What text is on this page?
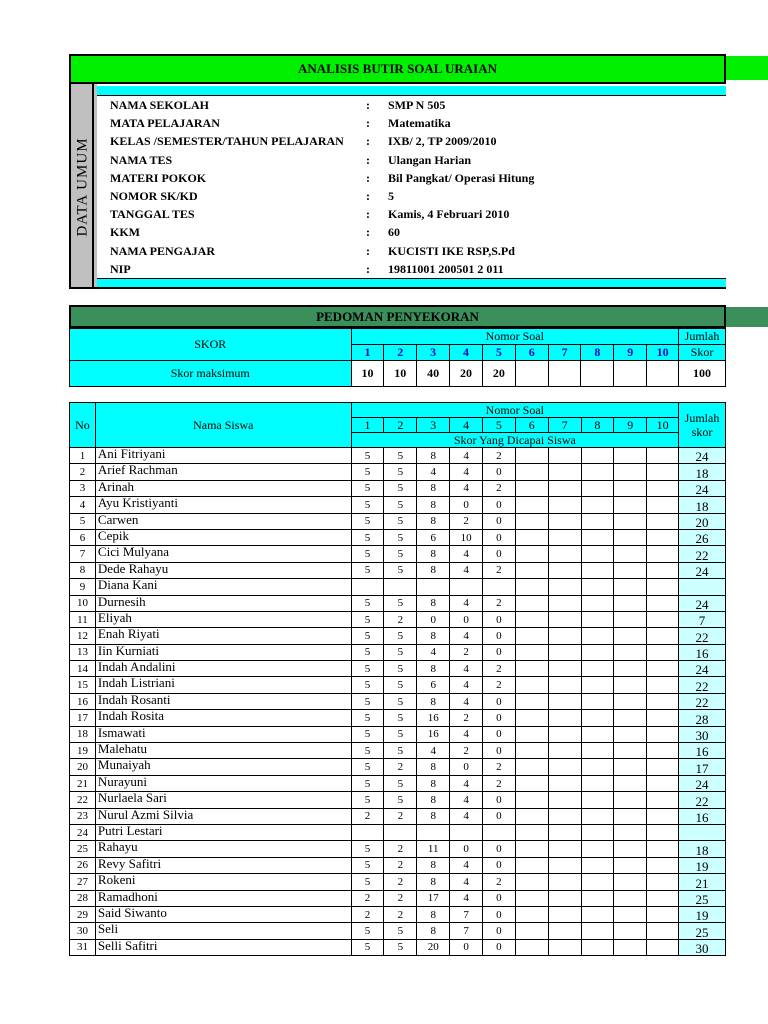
ANALISIS BUTIR SOAL URAIAN
DATA UMUM
NAMA SEKOLAH	: SMP N 505
MATA PELAJARAN	: Matematika
KELAS /SEMESTER/TAHUN PELAJARAN	: IXB/ 2, TP 2009/2010
NAMA TES	: Ulangan Harian
MATERI POKOK	: Bil Pangkat/ Operasi Hitung
NOMOR SK/KD	: 5
TANGGAL TES	: Kamis, 4 Februari 2010
KKM	: 60
NAMA PENGAJAR	: KUCISTI IKE RSP,S.Pd
NIP	: 19811001 200501 2 011
PEDOMAN PENYEKORAN
SKOR	Nomor Soal										Jumlah
	1	2	3	4	5	6	7	8	9	10	Skor
Skor maksimum	10	10	40	20	20						100
No	Nama Siswa	Nomor Soal										Jumlah
skor
		1	2	3	4	5	6	7	8	9	10	
		Skor Yang Dicapai Siswa										
1	Ani Fitriyani	5	5	8	4	2						24
2	Arief Rachman	5	5	4	4	0						18
3	Arinah	5	5	8	4	2						24
4	Ayu Kristiyanti	5	5	8	0	0						18
5	Carwen	5	5	8	2	0						20
6	Cepik	5	5	6	10	0						26
7	Cici Mulyana	5	5	8	4	0						22
8	Dede Rahayu	5	5	8	4	2						24
9	Diana Kani											
10	Durnesih	5	5	8	4	2						24
11	Eliyah	5	2	0	0	0						7
12	Enah Riyati	5	5	8	4	0						22
13	Iin Kurniati	5	5	4	2	0						16
14	Indah Andalini	5	5	8	4	2						24
15	Indah Listriani	5	5	6	4	2						22
16	Indah Rosanti	5	5	8	4	0						22
17	Indah Rosita	5	5	16	2	0						28
18	Ismawati	5	5	16	4	0						30
19	Malehatu	5	5	4	2	0						16
20	Munaiyah	5	2	8	0	2						17
21	Nurayuni	5	5	8	4	2						24
22	Nurlaela Sari	5	5	8	4	0						22
23	Nurul Azmi Silvia	2	2	8	4	0						16
24	Putri Lestari											
25	Rahayu	5	2	11	0	0						18
26	Revy Safitri	5	2	8	4	0						19
27	Rokeni	5	2	8	4	2						21
28	Ramadhoni	2	2	17	4	0						25
29	Said Siwanto	2	2	8	7	0						19
30	Seli	5	5	8	7	0						25
31	Selli Safitri	5	5	20	0	0						30
